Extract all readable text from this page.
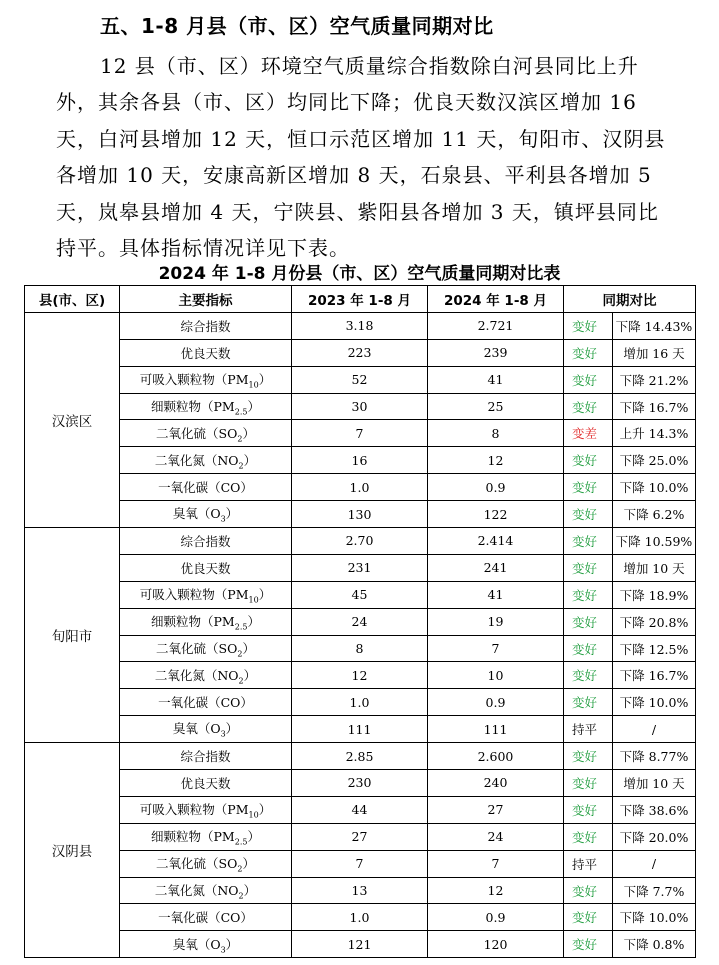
五、1-8 月县（市、区）空气质量同期对比
12 县（市、区）环境空气质量综合指数除白河县同比上升
外，其余各县（市、区）均同比下降；优良天数汉滨区增加 16
天，白河县增加 12 天，恒口示范区增加 11 天，旬阳市、汉阴县
各增加 10 天，安康高新区增加 8 天，石泉县、平利县各增加 5
天，岚皋县增加 4 天，宁陕县、紫阳县各增加 3 天，镇坪县同比
持平。具体指标情况详见下表。
2024 年 1-8 月份县（市、区）空气质量同期对比表
县(市、区)	主要指标	2023 年 1-8 月	2024 年 1-8 月	同期对比	
汉滨区	综合指数	3.18	2.721	变好	下降 14.43%
	优良天数	223	239	变好	增加 16 天
	可吸入颗粒物$(PM_{10})$	52	41	变好	下降 21.2%
	细颗粒物$(PM_{2.5})$	30	25	变好	下降 16.7%
	二氧化硫$(SO_2)$	7	8	变差	上升 14.3%
	二氧化氮$(NO_2)$	16	12	变好	下降 25.0%
	一氧化碳（CO）	1.0	0.9	变好	下降 10.0%
	臭氧$(O_3)$	130	122	变好	下降 6.2%
旬阳市	综合指数	2.70	2.414	变好	下降 10.59%
	优良天数	231	241	变好	增加 10 天
	可吸入颗粒物$(PM_{10})$	45	41	变好	下降 18.9%
	细颗粒物$(PM_{2.5})$	24	19	变好	下降 20.8%
	二氧化硫$(SO_2)$	8	7	变好	下降 12.5%
	二氧化氮$(NO_2)$	12	10	变好	下降 16.7%
	一氧化碳（CO）	1.0	0.9	变好	下降 10.0%
	臭氧$(O_3)$	111	111	持平	/
汉阴县	综合指数	2.85	2.600	变好	下降 8.77%
	优良天数	230	240	变好	增加 10 天
	可吸入颗粒物$(PM_{10})$	44	27	变好	下降 38.6%
	细颗粒物$(PM_{2.5})$	27	24	变好	下降 20.0%
	二氧化硫$(SO_2)$	7	7	持平	/
	二氧化氮$(NO_2)$	13	12	变好	下降 7.7%
	一氧化碳（CO）	1.0	0.9	变好	下降 10.0%
	臭氧$(O_3)$	121	120	变好	下降 0.8%
